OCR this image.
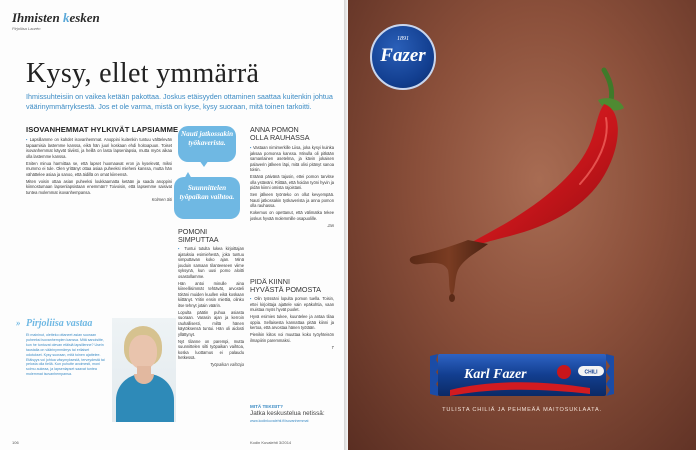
Ihmisten kesken
Pirjoliisa Laurén
Kysy, ellet ymmärrä
Ihmissuhteisiin on vaikea ketään pakottaa. Joskus etäisyyden ottaminen saattaa kuitenkin johtua väärinymmärryksestä. Jos et ole varma, mistä on kyse, kysy suoraan, mitä toinen tarkoitti.
ISOVANHEMMAT HYLKIVÄT LAPSIAMME

▪ Lapsillamme on kahdet isovanhemmat. Anoppini kuitenkin tuntuu välttelevän tapaamisia lastemme kanssa, eikä hän juuri koskaan ehdi hoitoapuun. Toiset isovanhemmat käyvät tiiviisti, ja heillä on lasta lapsenlapsia, mutta myös aikaa olla lastemme kanssa.

Eniten minua harmittaa se, että lapset huomaavat eron ja kyselevät, miksi mummo ei tule. Olen yrittänyt ottaa asiaa puheeksi mieheni kanssa, mutta hän vähättelee asiaa ja sanoo, että äidillä on omat kiireensä.

Miten voisin ottaa asian puheeksi loukkaamatta ketään ja saada anoppini kiinnostumaan lapsenlapsistaan enemmän? Toivoisin, että lapsemme saisivat tuntea molemmat isovanhempansa.

Kolmen äiti

Nauti jatkossakin työkaverista.
Suunnittelen työpaikan vaihtoa.
POMONI
SIMPUTTAA

▪ Tuntui tutulta lukea kirjoittajan ajatuksia esimiehestä, joka tuntuu simputtavan koko ajan. Minä jouduin samaan tilanteeseen viime syksynä, kun uusi pomo aloitti osastollamme.

Hän antoi minulle aina kiireellisimmät tehtävät, arvosteli töitäni muiden kuullen eikä koskaan kiittänyt. Yritin ensin miettiä, olinko itse tehnyt jotain väärin.

Lopulta päätin puhua asiasta suoraan. Varasin ajan ja kerroin rauhallisesti, miltä hänen käytöksensä tuntui. Hän oli aidosti yllättynyt.

Nyt tilanne on parempi, mutta suunnittelen silti työpaikan vaihtoa, koska luottamus ei palaudu hetkessä.

Työpaikan vaihtaja

ANNA POMON
OLLA RAUHASSA

▪ Vastaan nimimerkille Liisa, joka kysyi kuinka jaksaa pomonsa kanssa. Minulla oli pitkään samanlainen asetelma, ja kävin jokaisen palaverin jälkeen läpi, mitä olisi pitänyt sanoa toisin.

Eräänä päivänä tajusin, ettei pomon tarvitse olla ystäväni. Riittää, että hoidan työni hyvin ja pidän kiinni omista rajoistani.

Sen jälkeen työnteko on ollut kevyempää. Nauti jatkossakin työkaverista ja anna pomon olla rauhassa.

Kokemus on opettanut, että välimatka tekee joskus hyvää molemmille osapuolille.

Jan

PIDÄ KIINNI
HYVÄSTÄ POMOSTA

▪ Olin työssäni lopulta pomon tuella. Toisin, ettei kirjoittaja ajattele vain epäkohtia, vaan muistaa myös hyvät puolet.

Hyvä esimies tukee, kuuntelee ja antaa tilaa oppia. Sellaisesta kannattaa pitää kiinni ja kertoa, että arvostaa hänen työtään.

Pienikin kiitos voi muuttaa koko työyhteisön ilmapiirin paremmaksi.

T

MITÄ TEKISIT?
Jatka keskustelua netissä:
www.kodinkuvalehti.fi/isovanhemmat
» Pirjoliisa vastaa
Et maininut, oletteko ottaneet asian suoraan puheeksi isovanhempien kanssa. Mitä sanoisitte, kun he tuntuvat olevan etäisiä lapsillenne? Usein taustalla on väärinymmärrys tai erilaiset odotukset. Kysy suoraan, mitä toinen ajattelee. Etäisyys voi johtua väsymyksestä, terveydestä tai pelosta olla tiellä. Kun puhutte avoimesti, moni solmu aukeaa, ja lapsenlapset saavat tuntea molemmat isovanhempansa.
106	Kodin Kuvalehti 3/2014
1891
Fazer
Karl Fazer	CHILI
TULISTA CHILIÄ JA PEHMEÄÄ MAITOSUKLAATA.
